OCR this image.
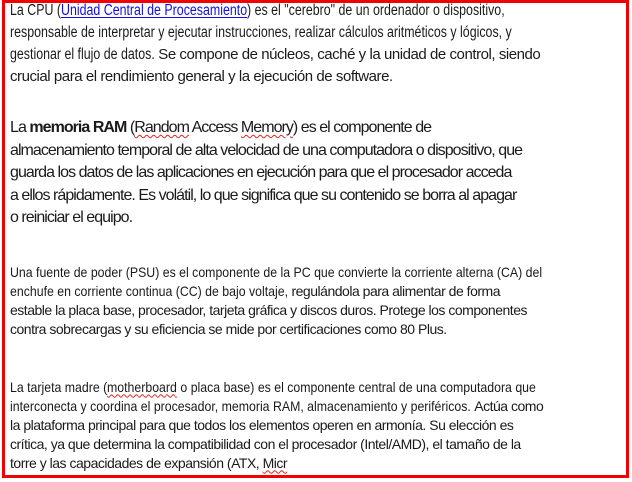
La CPU (Unidad Central de Procesamiento) es el "cerebro" de un ordenador o dispositivo,
responsable de interpretar y ejecutar instrucciones, realizar cálculos aritméticos y lógicos, y
gestionar el flujo de datos. Se compone de núcleos, caché y la unidad de control, siendo
crucial para el rendimiento general y la ejecución de software.
La memoria RAM (Random Access Memory) es el componente de
almacenamiento temporal de alta velocidad de una computadora o dispositivo, que
guarda los datos de las aplicaciones en ejecución para que el procesador acceda
a ellos rápidamente. Es volátil, lo que significa que su contenido se borra al apagar
o reiniciar el equipo.
Una fuente de poder (PSU) es el componente de la PC que convierte la corriente alterna (CA) del
enchufe en corriente continua (CC) de bajo voltaje, regulándola para alimentar de forma
estable la placa base, procesador, tarjeta gráfica y discos duros. Protege los componentes
contra sobrecargas y su eficiencia se mide por certificaciones como 80 Plus.
La tarjeta madre (motherboard o placa base) es el componente central de una computadora que
interconecta y coordina el procesador, memoria RAM, almacenamiento y periféricos. Actúa como
la plataforma principal para que todos los elementos operen en armonía. Su elección es
crítica, ya que determina la compatibilidad con el procesador (Intel/AMD), el tamaño de la
torre y las capacidades de expansión (ATX, Micr
